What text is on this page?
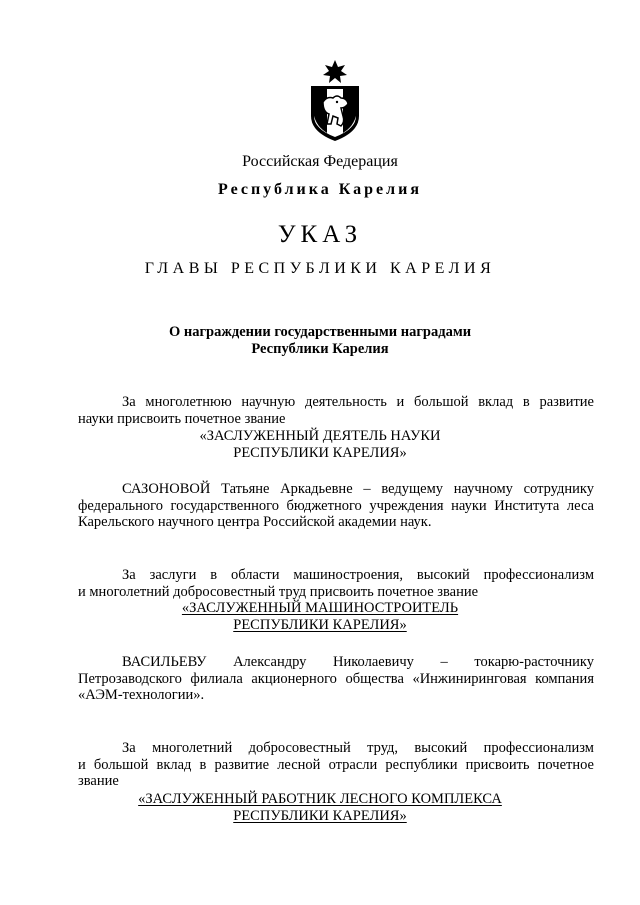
Российская Федерация
Республика Карелия
УКАЗ
ГЛАВЫ РЕСПУБЛИКИ КАРЕЛИЯ
О награждении государственными наградами
Республики Карелия
За многолетнюю научную деятельность и большой вклад в развитие
науки присвоить почетное звание
«ЗАСЛУЖЕННЫЙ ДЕЯТЕЛЬ НАУКИ
РЕСПУБЛИКИ КАРЕЛИЯ»
САЗОНОВОЙ Татьяне Аркадьевне – ведущему научному сотруднику
федерального государственного бюджетного учреждения науки Института леса
Карельского научного центра Российской академии наук.
За заслуги в области машиностроения, высокий профессионализм
и многолетний добросовестный труд присвоить почетное звание
«ЗАСЛУЖЕННЫЙ МАШИНОСТРОИТЕЛЬ
РЕСПУБЛИКИ КАРЕЛИЯ»
ВАСИЛЬЕВУ Александру Николаевичу – токарю-расточнику
Петрозаводского филиала акционерного общества «Инжиниринговая компания
«АЭМ-технологии».
За многолетний добросовестный труд, высокий профессионализм
и большой вклад в развитие лесной отрасли республики присвоить почетное
звание
«ЗАСЛУЖЕННЫЙ РАБОТНИК ЛЕСНОГО КОМПЛЕКСА
РЕСПУБЛИКИ КАРЕЛИЯ»
